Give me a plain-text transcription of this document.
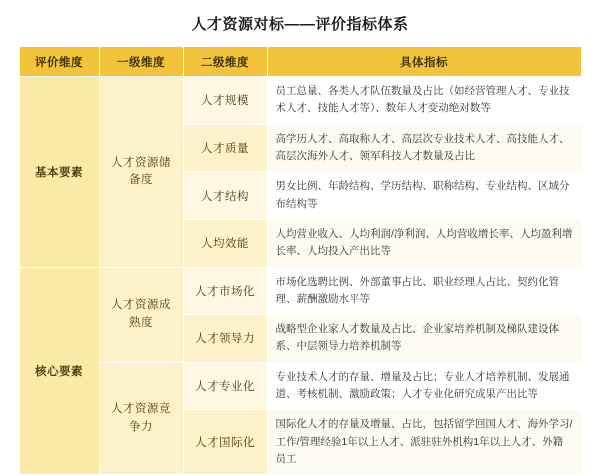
人才资源对标——评价指标体系
评价维度	一级维度	二级维度	具体指标
基本要素	人才资源储备度	人才规模	员工总量、各类人才队伍数量及占比（如经营管理人才、专业技术人才、技能人才等）、数年人才变动绝对数等
		人才质量	高学历人才、高取称人才、高层次专业技术人才、高技能人才、高层次海外人才、领军科技人才数量及占比
		人才结构	男女比例、年龄结构、学历结构、职称结构、专业结构、区域分布结构等
		人均效能	人均营业收入、人均利润/净利润、人均营收增长率、人均盈利增长率、人均投入产出比等
核心要素	人才资源成熟度	人才市场化	市场化选聘比例、外部董事占比、职业经理人占比、契约化管理、薪酬激励水平等
		人才领导力	战略型企业家人才数量及占比、企业家培养机制及梯队建设体系、中层领导力培养机制等
	人才资源竞争力	人才专业化	专业技术人才的存量、增量及占比；专业人才培养机制、发展通道、考核机制、激励政策；人才专业化研究成果产出比等
		人才国际化	国际化人才的存量及增量、占比，包括留学回国人才、海外学习/工作/管理经验1年以上人才、派驻驻外机构1年以上人才、外籍员工
